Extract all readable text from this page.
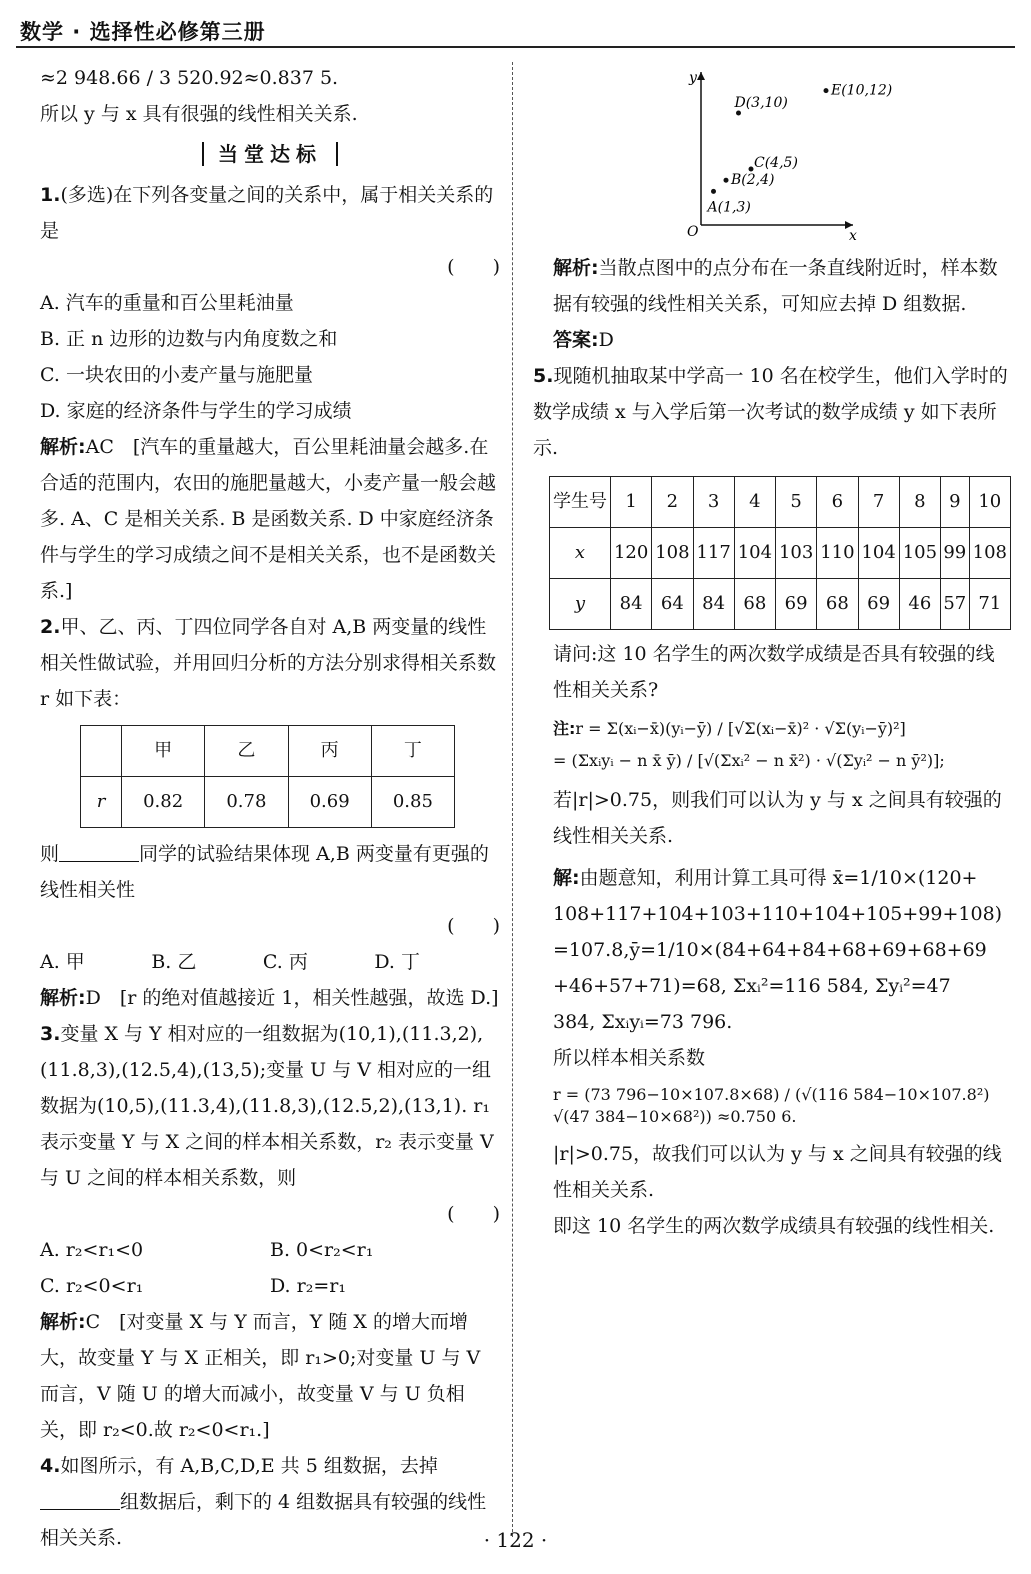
数学 · 选择性必修第三册

≈2 948.66 / 3 520.92≈0.837 5.

所以 y 与 x 具有很强的线性相关关系.

当堂达标

1.(多选)在下列各变量之间的关系中，属于相关关系的是

(　　)

A. 汽车的重量和百公里耗油量

B. 正 n 边形的边数与内角度数之和

C. 一块农田的小麦产量与施肥量

D. 家庭的经济条件与学生的学习成绩

解析:AC　[汽车的重量越大，百公里耗油量会越多.在合适的范围内，农田的施肥量越大，小麦产量一般会越多. A、C 是相关关系. B 是函数关系. D 中家庭经济条件与学生的学习成绩之间不是相关关系，也不是函数关系.]

2.甲、乙、丙、丁四位同学各自对 A,B 两变量的线性相关性做试验，并用回归分析的方法分别求得相关系数 r 如下表：

	甲	乙	丙	丁
r	0.82	0.78	0.69	0.85

则	同学的试验结果体现 A,B 两变量有更强的线性相关性

(　　)

A. 甲	B. 乙	C. 丙	D. 丁

解析:D　[r 的绝对值越接近 1，相关性越强，故选 D.]

3.变量 X 与 Y 相对应的一组数据为(10,1),(11.3,2),(11.8,3),(12.5,4),(13,5);变量 U 与 V 相对应的一组数据为(10,5),(11.3,4),(11.8,3),(12.5,2),(13,1). r₁ 表示变量 Y 与 X 之间的样本相关系数，r₂ 表示变量 V 与 U 之间的样本相关系数，则

(　　)

A. r₂<r₁<0	B. 0<r₂<r₁
C. r₂<0<r₁	D. r₂=r₁

解析:C　[对变量 X 与 Y 而言，Y 随 X 的增大而增大，故变量 Y 与 X 正相关，即 r₁>0;对变量 U 与 V 而言，V 随 U 的增大而减小，故变量 V 与 U 负相关，即 r₂<0.故 r₂<0<r₁.]

4.如图所示，有 A,B,C,D,E 共 5 组数据，去掉

组数据后，剩下的 4 组数据具有较强的线性相关关系.

x
y
O
A(1,3)
B(2,4)
C(4,5)
D(3,10)
E(10,12)

解析:当散点图中的点分布在一条直线附近时，样本数据有较强的线性相关关系，可知应去掉 D 组数据.

答案:D

5.现随机抽取某中学高一 10 名在校学生，他们入学时的数学成绩 x 与入学后第一次考试的数学成绩 y 如下表所示.

学生号	1	2	3	4	5	6	7	8	9	10
x	120	108	117	104	103	110	104	105	99	108
y	84	64	84	68	69	68	69	46	57	71

请问:这 10 名学生的两次数学成绩是否具有较强的线性相关关系?

注:r = Σ(xᵢ−x̄)(yᵢ−ȳ) / [√Σ(xᵢ−x̄)² · √Σ(yᵢ−ȳ)²]

= (Σxᵢyᵢ − n x̄ ȳ) / [√(Σxᵢ² − n x̄²) · √(Σyᵢ² − n ȳ²)];

若|r|>0.75，则我们可以认为 y 与 x 之间具有较强的线性相关关系.

解:由题意知，利用计算工具可得 x̄=1/10×(120+

108+117+104+103+110+104+105+99+108)

=107.8,ȳ=1/10×(84+64+84+68+69+68+69

+46+57+71)=68, Σxᵢ²=116 584, Σyᵢ²=47

384, Σxᵢyᵢ=73 796.

所以样本相关系数

r = (73 796−10×107.8×68) / (√(116 584−10×107.8²) √(47 384−10×68²)) ≈0.750 6.

|r|>0.75，故我们可以认为 y 与 x 之间具有较强的线性相关关系.

即这 10 名学生的两次数学成绩具有较强的线性相关.

· 122 ·
